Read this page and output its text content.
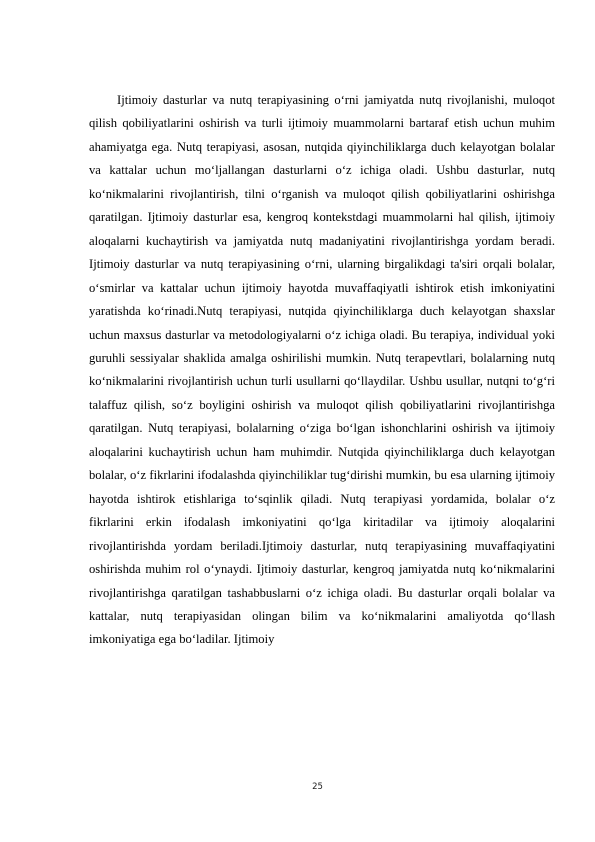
Ijtimoiy dasturlar va nutq terapiyasining o‘rni jamiyatda nutq rivojlanishi, muloqot qilish qobiliyatlarini oshirish va turli ijtimoiy muammolarni bartaraf etish uchun muhim ahamiyatga ega. Nutq terapiyasi, asosan, nutqida qiyinchiliklarga duch kelayotgan bolalar va kattalar uchun mo‘ljallangan dasturlarni o‘z ichiga oladi. Ushbu dasturlar, nutq ko‘nikmalarini rivojlantirish, tilni o‘rganish va muloqot qilish qobiliyatlarini oshirishga qaratilgan. Ijtimoiy dasturlar esa, kengroq kontekstdagi muammolarni hal qilish, ijtimoiy aloqalarni kuchaytirish va jamiyatda nutq madaniyatini rivojlantirishga yordam beradi. Ijtimoiy dasturlar va nutq terapiyasining o‘rni, ularning birgalikdagi ta'siri orqali bolalar, o‘smirlar va kattalar uchun ijtimoiy hayotda muvaffaqiyatli ishtirok etish imkoniyatini yaratishda ko‘rinadi.Nutq terapiyasi, nutqida qiyinchiliklarga duch kelayotgan shaxslar uchun maxsus dasturlar va metodologiyalarni o‘z ichiga oladi. Bu terapiya, individual yoki guruhli sessiyalar shaklida amalga oshirilishi mumkin. Nutq terapevtlari, bolalarning nutq ko‘nikmalarini rivojlantirish uchun turli usullarni qo‘llaydilar. Ushbu usullar, nutqni to‘g‘ri talaffuz qilish, so‘z boyligini oshirish va muloqot qilish qobiliyatlarini rivojlantirishga qaratilgan. Nutq terapiyasi, bolalarning o‘ziga bo‘lgan ishonchlarini oshirish va ijtimoiy aloqalarini kuchaytirish uchun ham muhimdir. Nutqida qiyinchiliklarga duch kelayotgan bolalar, o‘z fikrlarini ifodalashda qiyinchiliklar tug‘dirishi mumkin, bu esa ularning ijtimoiy hayotda ishtirok etishlariga to‘sqinlik qiladi. Nutq terapiyasi yordamida, bolalar o‘z fikrlarini erkin ifodalash imkoniyatini qo‘lga kiritadilar va ijtimoiy aloqalarini rivojlantirishda yordam beriladi.Ijtimoiy dasturlar, nutq terapiyasining muvaffaqiyatini oshirishda muhim rol o‘ynaydi. Ijtimoiy dasturlar, kengroq jamiyatda nutq ko‘nikmalarini rivojlantirishga qaratilgan tashabbuslarni o‘z ichiga oladi. Bu dasturlar orqali bolalar va kattalar, nutq terapiyasidan olingan bilim va ko‘nikmalarini amaliyotda qo‘llash imkoniyatiga ega bo‘ladilar. Ijtimoiy

25
